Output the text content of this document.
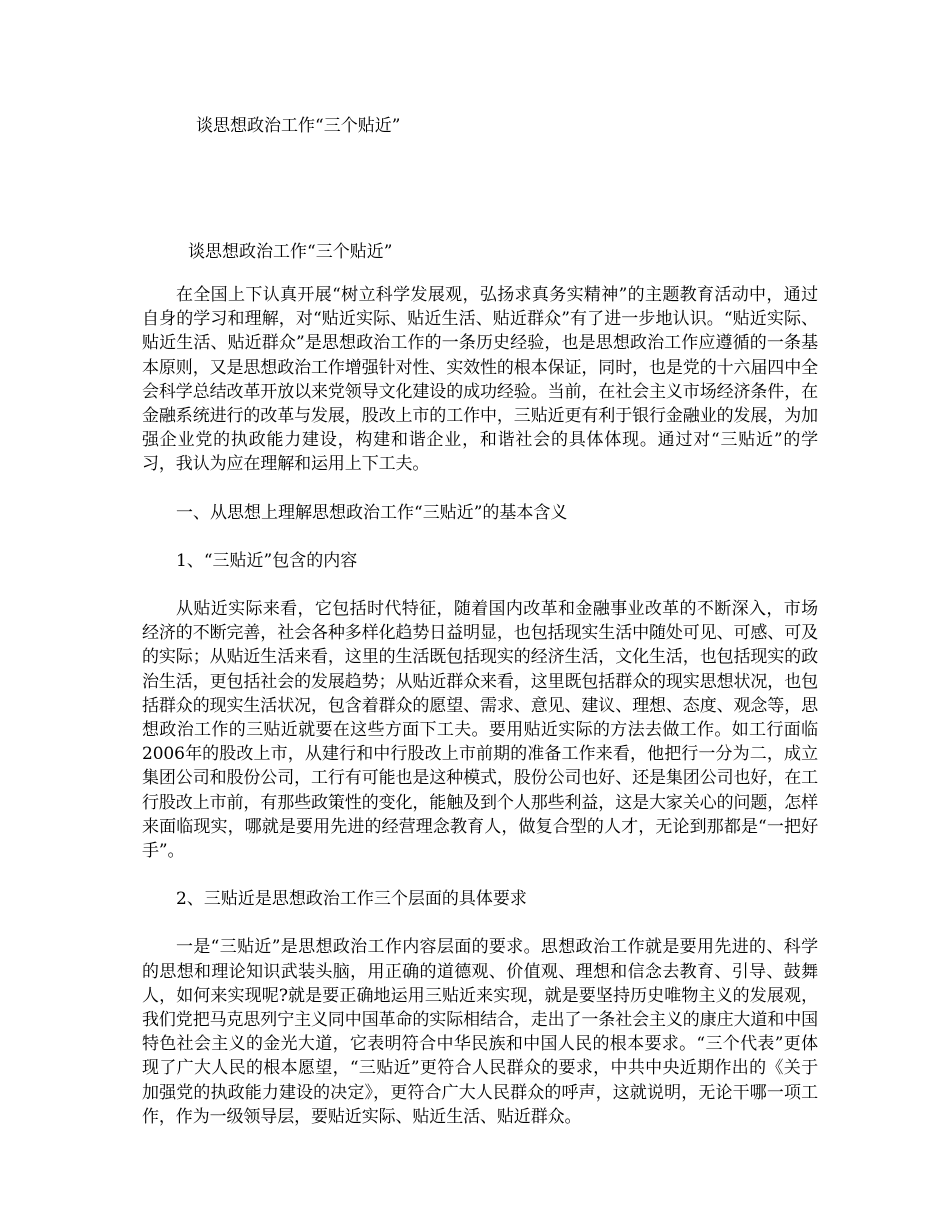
谈思想政治工作“三个贴近”
谈思想政治工作“三个贴近”

在全国上下认真开展“树立科学发展观，弘扬求真务实精神”的主题教育活动中，通过自身的学习和理解，对“贴近实际、贴近生活、贴近群众”有了进一步地认识。“贴近实际、贴近生活、贴近群众”是思想政治工作的一条历史经验，也是思想政治工作应遵循的一条基本原则，又是思想政治工作增强针对性、实效性的根本保证，同时，也是党的十六届四中全会科学总结改革开放以来党领导文化建设的成功经验。当前，在社会主义市场经济条件，在金融系统进行的改革与发展，股改上市的工作中，三贴近更有利于银行金融业的发展，为加强企业党的执政能力建设，构建和谐企业，和谐社会的具体体现。通过对“三贴近”的学习，我认为应在理解和运用上下工夫。

一、从思想上理解思想政治工作“三贴近”的基本含义

1、“三贴近”包含的内容

从贴近实际来看，它包括时代特征，随着国内改革和金融事业改革的不断深入，市场经济的不断完善，社会各种多样化趋势日益明显，也包括现实生活中随处可见、可感、可及的实际；从贴近生活来看，这里的生活既包括现实的经济生活，文化生活，也包括现实的政治生活，更包括社会的发展趋势；从贴近群众来看，这里既包括群众的现实思想状况，也包括群众的现实生活状况，包含着群众的愿望、需求、意见、建议、理想、态度、观念等，思想政治工作的三贴近就要在这些方面下工夫。要用贴近实际的方法去做工作。如工行面临2006年的股改上市，从建行和中行股改上市前期的准备工作来看，他把行一分为二，成立集团公司和股份公司，工行有可能也是这种模式，股份公司也好、还是集团公司也好，在工行股改上市前，有那些政策性的变化，能触及到个人那些利益，这是大家关心的问题，怎样来面临现实，哪就是要用先进的经营理念教育人，做复合型的人才，无论到那都是“一把好手”。

2、三贴近是思想政治工作三个层面的具体要求

一是“三贴近”是思想政治工作内容层面的要求。思想政治工作就是要用先进的、科学的思想和理论知识武装头脑，用正确的道德观、价值观、理想和信念去教育、引导、鼓舞人，如何来实现呢?就是要正确地运用三贴近来实现，就是要坚持历史唯物主义的发展观，我们党把马克思列宁主义同中国革命的实际相结合，走出了一条社会主义的康庄大道和中国特色社会主义的金光大道，它表明符合中华民族和中国人民的根本要求。“三个代表”更体现了广大人民的根本愿望，“三贴近”更符合人民群众的要求，中共中央近期作出的《关于加强党的执政能力建设的决定》，更符合广大人民群众的呼声，这就说明，无论干哪一项工作，作为一级领导层，要贴近实际、贴近生活、贴近群众。
